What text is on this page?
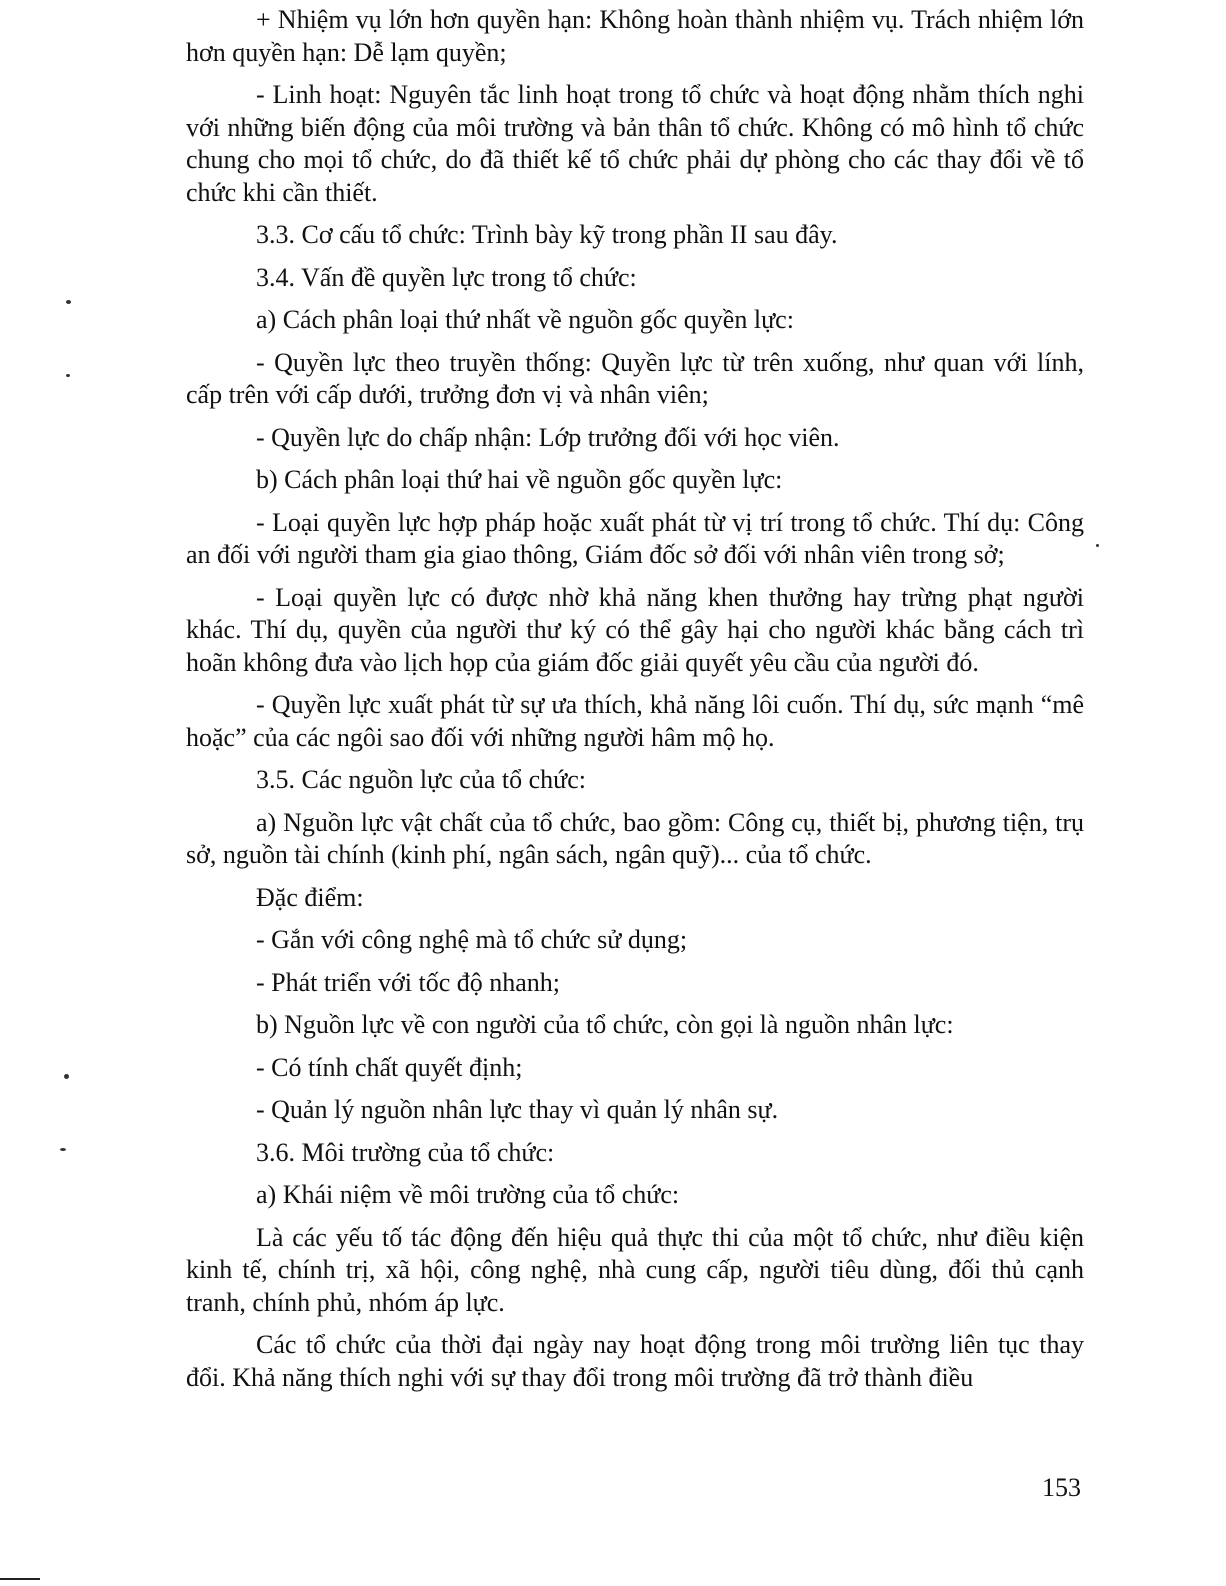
+ Nhiệm vụ lớn hơn quyền hạn: Không hoàn thành nhiệm vụ. Trách nhiệm lớn hơn quyền hạn: Dễ lạm quyền;

- Linh hoạt: Nguyên tắc linh hoạt trong tổ chức và hoạt động nhằm thích nghi với những biến động của môi trường và bản thân tổ chức. Không có mô hình tổ chức chung cho mọi tổ chức, do đã thiết kế tổ chức phải dự phòng cho các thay đổi về tổ chức khi cần thiết.

3.3. Cơ cấu tổ chức: Trình bày kỹ trong phần II sau đây.

3.4. Vấn đề quyền lực trong tổ chức:

a) Cách phân loại thứ nhất về nguồn gốc quyền lực:

- Quyền lực theo truyền thống: Quyền lực từ trên xuống, như quan với lính, cấp trên với cấp dưới, trưởng đơn vị và nhân viên;

- Quyền lực do chấp nhận: Lớp trưởng đối với học viên.

b) Cách phân loại thứ hai về nguồn gốc quyền lực:

- Loại quyền lực hợp pháp hoặc xuất phát từ vị trí trong tổ chức. Thí dụ: Công an đối với người tham gia giao thông, Giám đốc sở đối với nhân viên trong sở;

- Loại quyền lực có được nhờ khả năng khen thưởng hay trừng phạt người khác. Thí dụ, quyền của người thư ký có thể gây hại cho người khác bằng cách trì hoãn không đưa vào lịch họp của giám đốc giải quyết yêu cầu của người đó.

- Quyền lực xuất phát từ sự ưa thích, khả năng lôi cuốn. Thí dụ, sức mạnh “mê hoặc” của các ngôi sao đối với những người hâm mộ họ.

3.5. Các nguồn lực của tổ chức:

a) Nguồn lực vật chất của tổ chức, bao gồm: Công cụ, thiết bị, phương tiện, trụ sở, nguồn tài chính (kinh phí, ngân sách, ngân quỹ)... của tổ chức.

Đặc điểm:

- Gắn với công nghệ mà tổ chức sử dụng;

- Phát triển với tốc độ nhanh;

b) Nguồn lực về con người của tổ chức, còn gọi là nguồn nhân lực:

- Có tính chất quyết định;

- Quản lý nguồn nhân lực thay vì quản lý nhân sự.

3.6. Môi trường của tổ chức:

a) Khái niệm về môi trường của tổ chức:

Là các yếu tố tác động đến hiệu quả thực thi của một tổ chức, như điều kiện kinh tế, chính trị, xã hội, công nghệ, nhà cung cấp, người tiêu dùng, đối thủ cạnh tranh, chính phủ, nhóm áp lực.

Các tổ chức của thời đại ngày nay hoạt động trong môi trường liên tục thay đổi. Khả năng thích nghi với sự thay đổi trong môi trường đã trở thành điều

153
